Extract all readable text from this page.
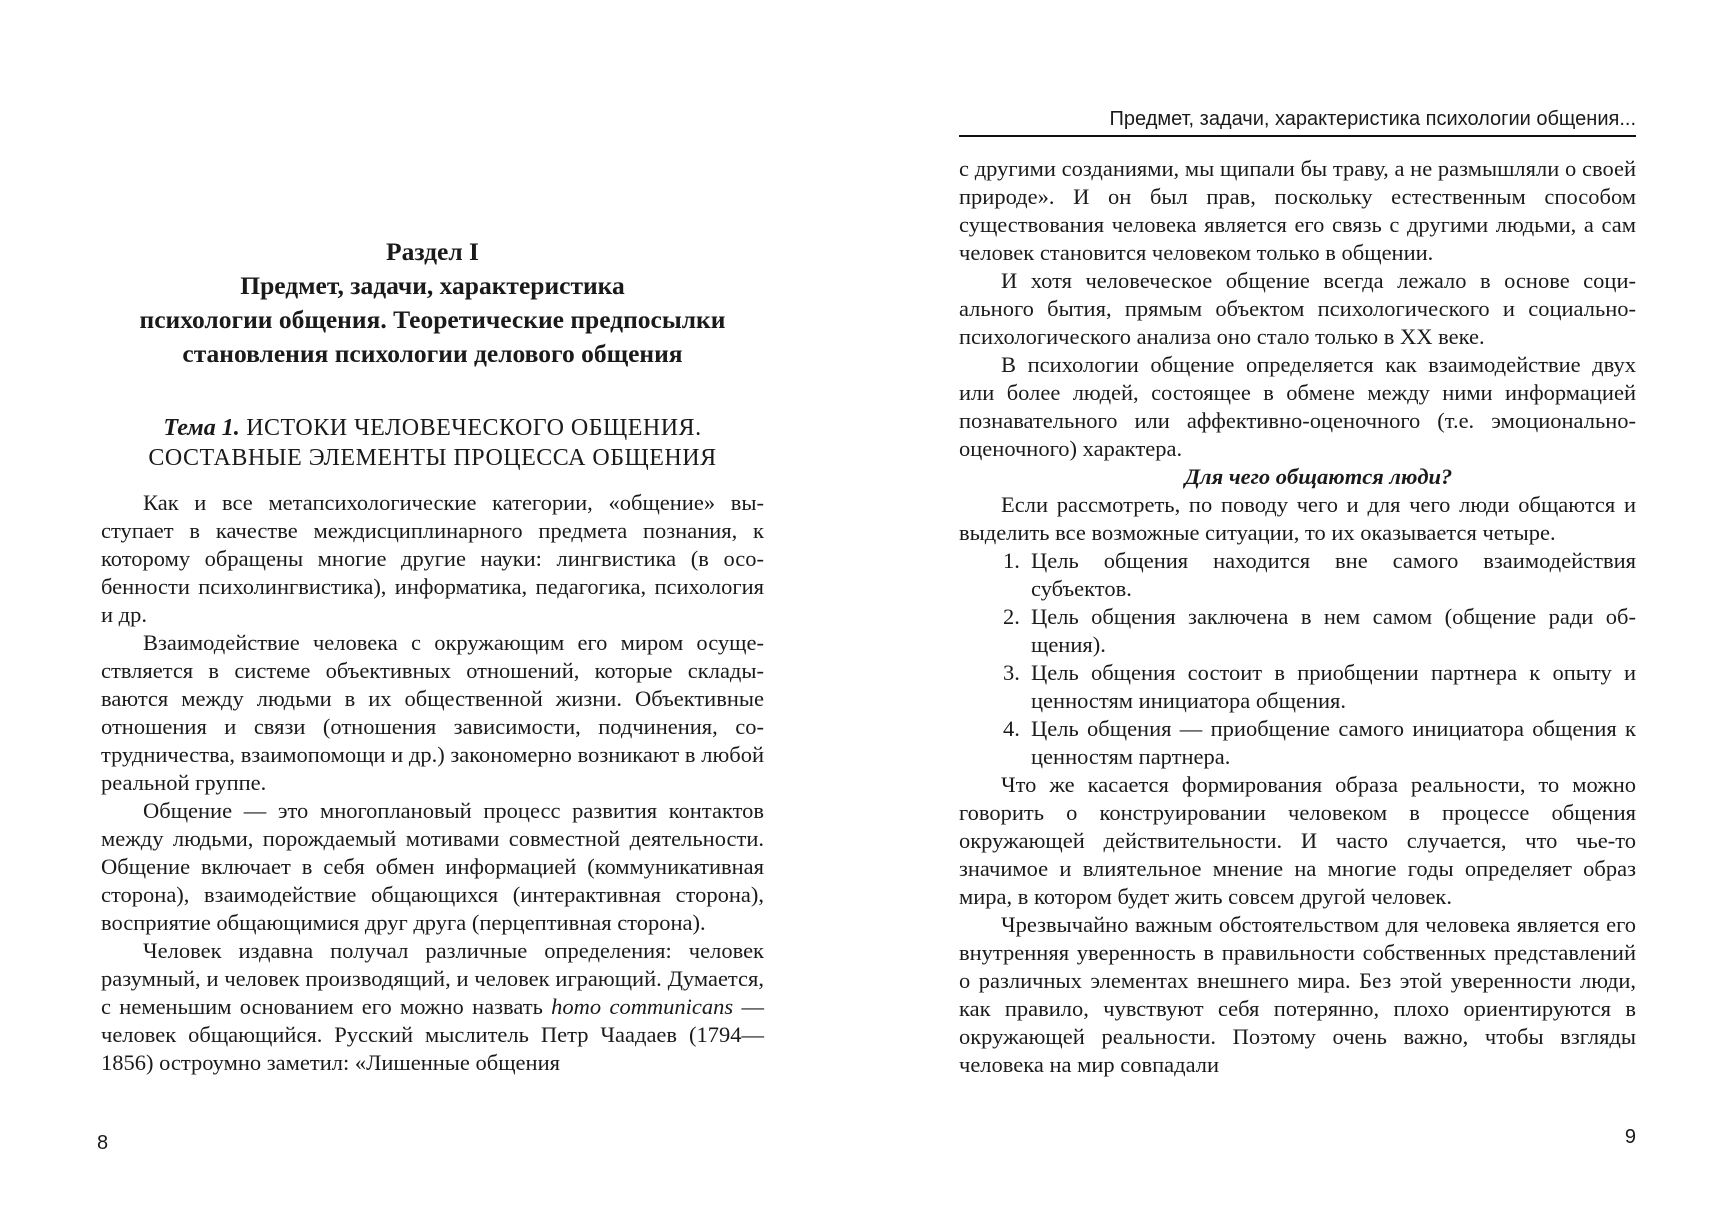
Раздел I
Предмет, задачи, характеристика
психологии общения. Теоретические предпосылки
становления психологии делового общения
Тема 1. ИСТОКИ ЧЕЛОВЕЧЕСКОГО ОБЩЕНИЯ.
СОСТАВНЫЕ ЭЛЕМЕНТЫ ПРОЦЕССА ОБЩЕНИЯ

Как и все метапсихологические категории, «общение» выступает в качестве междисциплинарного предмета познания, к которому обращены многие другие науки: лингвистика (в особенности психолингвистика), информатика, педагогика, психология и др.

Взаимодействие человека с окружающим его миром осуществляется в системе объективных отношений, которые складываются между людьми в их общественной жизни. Объективные отношения и связи (отношения зависимости, подчинения, сотрудничества, взаимопомощи и др.) закономерно возникают в любой реальной группе.

Общение — это многоплановый процесс развития контактов между людьми, порождаемый мотивами совместной деятельности. Общение включает в себя обмен информацией (коммуникативная сторона), взаимодействие общающихся (интерактивная сторона), восприятие общающимися друг друга (перцептивная сторона).

Человек издавна получал различные определения: человек разумный, и человек производящий, и человек играющий. Думается, с неменьшим основанием его можно назвать homo communicans — человек общающийся. Русский мыслитель Петр Чаадаев (1794—1856) остроумно заметил: «Лишенные общения

8
Предмет, задачи, характеристика психологии общения...

с другими созданиями, мы щипали бы траву, а не размышляли о своей природе». И он был прав, поскольку естественным способом существования человека является его связь с другими людьми, а сам человек становится человеком только в общении.

И хотя человеческое общение всегда лежало в основе социального бытия, прямым объектом психологического и социально-психологического анализа оно стало только в XX веке.

В психологии общение определяется как взаимодействие двух или более людей, состоящее в обмене между ними информацией познавательного или аффективно-оценочного (т.е. эмоционально-оценочного) характера.

Для чего общаются люди?

Если рассмотреть, по поводу чего и для чего люди общаются и выделить все возможные ситуации, то их оказывается четыре.

1. Цель общения находится вне самого взаимодействия субъектов.
2. Цель общения заключена в нем самом (общение ради общения).
3. Цель общения состоит в приобщении партнера к опыту и ценностям инициатора общения.
4. Цель общения — приобщение самого инициатора общения к ценностям партнера.

Что же касается формирования образа реальности, то можно говорить о конструировании человеком в процессе общения окружающей действительности. И часто случается, что чье-то значимое и влиятельное мнение на многие годы определяет образ мира, в котором будет жить совсем другой человек.

Чрезвычайно важным обстоятельством для человека является его внутренняя уверенность в правильности собственных представлений о различных элементах внешнего мира. Без этой уверенности люди, как правило, чувствуют себя потерянно, плохо ориентируются в окружающей реальности. Поэтому очень важно, чтобы взгляды человека на мир совпадали

9
